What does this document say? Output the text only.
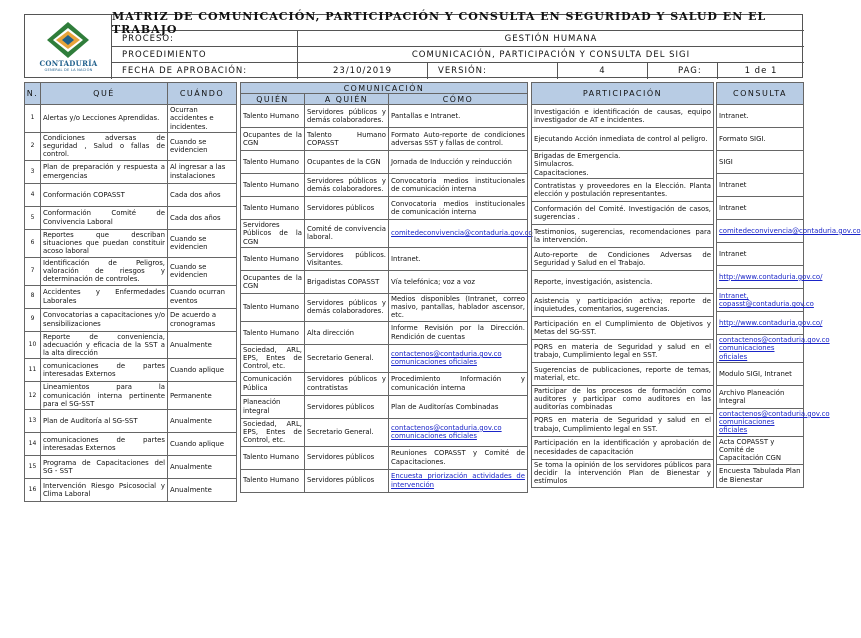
CONTADURÍA
GENERAL DE LA NACIÓN
MATRIZ DE COMUNICACIÓN, PARTICIPACIÓN Y CONSULTA EN SEGURIDAD Y SALUD EN EL TRABAJO
PROCESO:	GESTIÓN HUMANA
PROCEDIMIENTO	COMUNICACIÓN, PARTICIPACIÓN Y CONSULTA DEL SIGI
FECHA DE APROBACIÓN:	23/10/2019	VERSIÓN:	4	PAG:	1 de 1
N.	QUÉ	CUÁNDO
1	Alertas y/o Lecciones Aprendidas.	Ocurran accidentes e incidentes.
2	Condiciones adversas de seguridad , Salud o fallas de control.	Cuando se evidencien
3	Plan de preparación y respuesta a emergencias	Al ingresar a las instalaciones
4	Conformación COPASST	Cada dos años
5	Conformación Comité de Convivencia Laboral	Cada dos años
6	Reportes que describan situaciones que puedan constituir acoso laboral	Cuando se evidencien
7	Identificación de Peligros, valoración de riesgos y determinación de controles.	Cuando se evidencien
8	Accidentes y Enfermedades Laborales	Cuando ocurran eventos
9	Convocatorias a capacitaciones y/o sensibilizaciones	De acuerdo a cronogramas
10	Reporte de conveniencia, adecuación y eficacia de la SST a la alta dirección	Anualmente
11	comunicaciones de partes interesadas Externos	Cuando aplique
12	Lineamientos para la comunicación interna pertinente para el SG-SST	Permanente
13	Plan de Auditoría al SG-SST	Anualmente
14	comunicaciones de partes interesadas Externos	Cuando aplique
15	Programa de Capacitaciones del SG - SST	Anualmente
16	Intervención Riesgo Psicosocial y Clima Laboral	Anualmente
COMUNICACIÓN		
QUIÉN	A QUIÉN	CÓMO
Talento Humano	Servidores públicos y demás colaboradores.	Pantallas e Intranet.
Ocupantes de la CGN	Talento Humano COPASST	Formato Auto-reporte de condiciones adversas SST y fallas de control.
Talento Humano	Ocupantes de la CGN	Jornada de Inducción y reinducción
Talento Humano	Servidores públicos y demás colaboradores.	Convocatoria medios institucionales de comunicación interna
Talento Humano	Servidores públicos	Convocatoria medios institucionales de comunicación interna
Servidores Públicos de la CGN	Comité de convivencia laboral.	comitedeconvivencia@contaduria.gov.co
Talento Humano	Servidores públicos. Visitantes.	Intranet.
Ocupantes de la CGN	Brigadistas COPASST	Vía telefónica; voz a voz
Talento Humano	Servidores públicos y demás colaboradores.	Medios disponibles (Intranet, correo masivo, pantallas, hablador ascensor, etc.
Talento Humano	Alta dirección	Informe Revisión por la Dirección. Rendición de cuentas
Sociedad, ARL, EPS, Entes de Control, etc.	Secretario General.	contactenos@contaduria.gov.co comunicaciones oficiales
Comunicación Pública	Servidores públicos y contratistas	Procedimiento Información y comunicación interna
Planeación integral	Servidores públicos	Plan de Auditorías Combinadas
Sociedad, ARL, EPS, Entes de Control, etc.	Secretario General.	contactenos@contaduria.gov.co comunicaciones oficiales
Talento Humano	Servidores públicos	Reuniones COPASST y Comité de Capacitaciones.
Talento Humano	Servidores públicos	Encuesta priorización actividades de intervención
PARTICIPACIÓN
Investigación e identificación de causas, equipo investigador de AT e incidentes.
Ejecutando Acción inmediata de control al peligro.
Brigadas de Emergencia.
Simulacros.
Capacitaciones.
Contratistas y proveedores en la Elección. Planta elección y postulación representantes.
Conformación del Comité. Investigación de casos, sugerencias .
Testimonios, sugerencias, recomendaciones para la intervención.
Auto-reporte de Condiciones Adversas de Seguridad y Salud en el Trabajo.
Reporte, investigación, asistencia.
Asistencia y participación activa; reporte de inquietudes, comentarios, sugerencias.
Participación en el Cumplimiento de Objetivos y Metas del SG-SST.
PQRS en materia de Seguridad y salud en el trabajo, Cumplimiento legal en SST.
Sugerencias de publicaciones, reporte de temas, material, etc.
Participar de los procesos de formación como auditores y participar como auditores en las auditorías combinadas
PQRS en materia de Seguridad y salud en el trabajo, Cumplimiento legal en SST.
Participación en la identificación y aprobación de necesidades de capacitación
Se toma la opinión de los servidores públicos para decidir la intervención Plan de Bienestar y estímulos
CONSULTA
Intranet.
Formato SIGI.
SIGI
Intranet
Intranet
comitedeconvivencia@contaduria.gov.co
Intranet
http://www.contaduria.gov.co/
Intranet, copasst@contaduria.gov.co
http://www.contaduria.gov.co/
contactenos@contaduria.gov.co comunicaciones oficiales
Modulo SIGI, Intranet
Archivo Planeación Integral
contactenos@contaduria.gov.co comunicaciones oficiales
Acta COPASST y Comité de Capacitación CGN
Encuesta Tabulada Plan de Bienestar
